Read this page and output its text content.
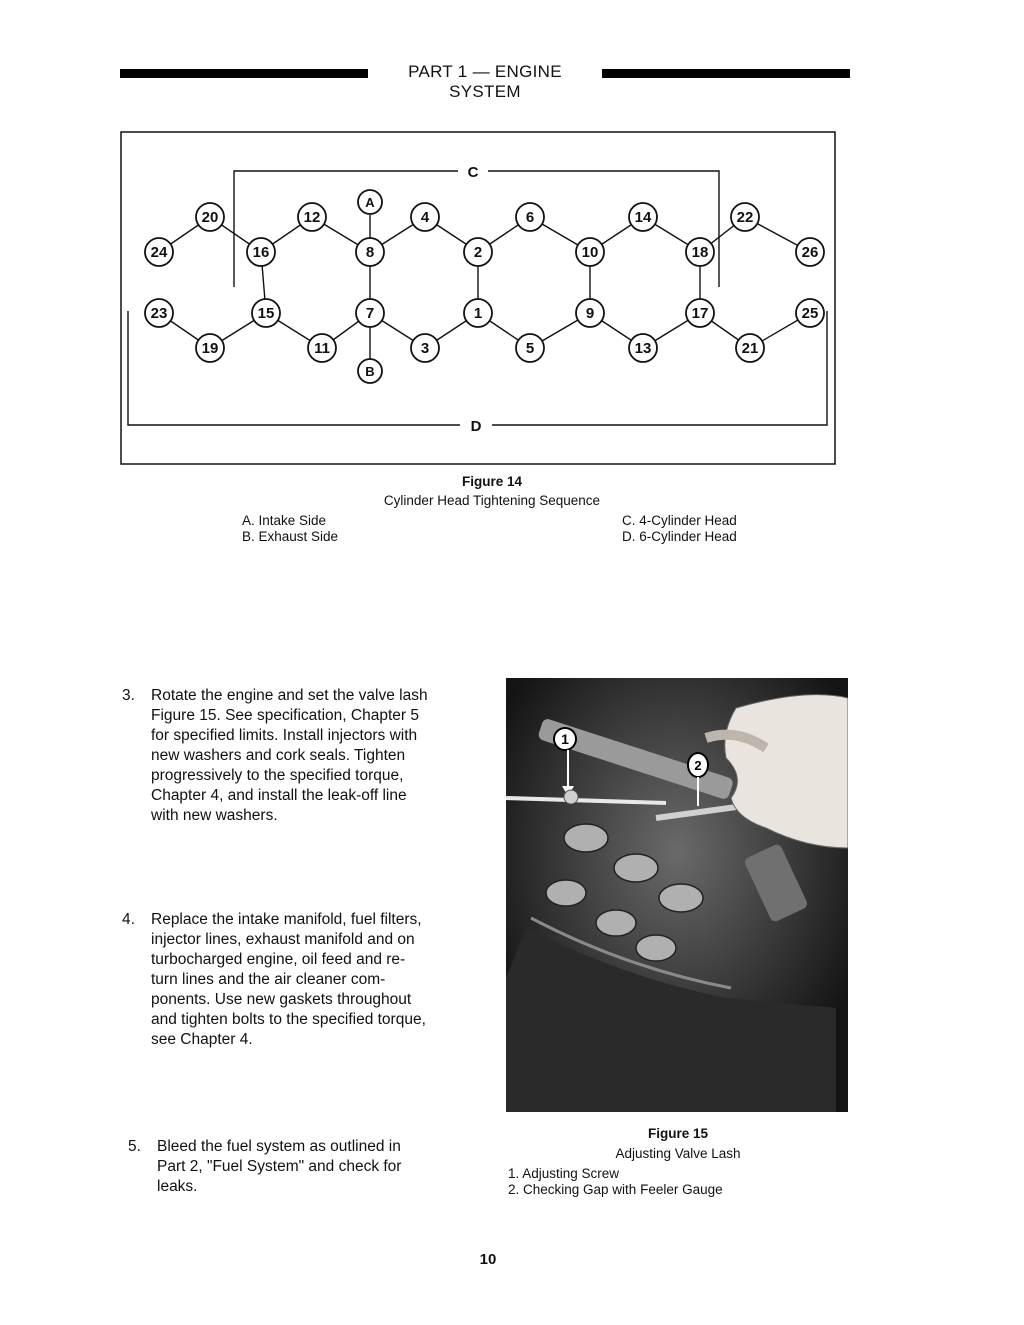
PART 1 — ENGINE SYSTEM
20	12	4	6	14	22
24	16	8	2	10	18	26
23	15	7	1	9	17	25
19	11	3	5	13	21
A
B
C
D
Figure 14
Cylinder Head Tightening Sequence
A. Intake Side
B. Exhaust Side
C. 4-Cylinder Head
D. 6-Cylinder Head
3. Rotate the engine and set the valve lash
Figure 15. See specification, Chapter 5
for specified limits. Install injectors with
new washers and cork seals. Tighten
progressively to the specified torque,
Chapter 4, and install the leak-off line
with new washers.
4. Replace the intake manifold, fuel filters,
injector lines, exhaust manifold and on
turbocharged engine, oil feed and re-
turn lines and the air cleaner com-
ponents. Use new gaskets throughout
and tighten bolts to the specified torque,
see Chapter 4.
5. Bleed the fuel system as outlined in
Part 2, "Fuel System" and check for
leaks.
1
2
Figure 15
Adjusting Valve Lash
1. Adjusting Screw
2. Checking Gap with Feeler Gauge
10
